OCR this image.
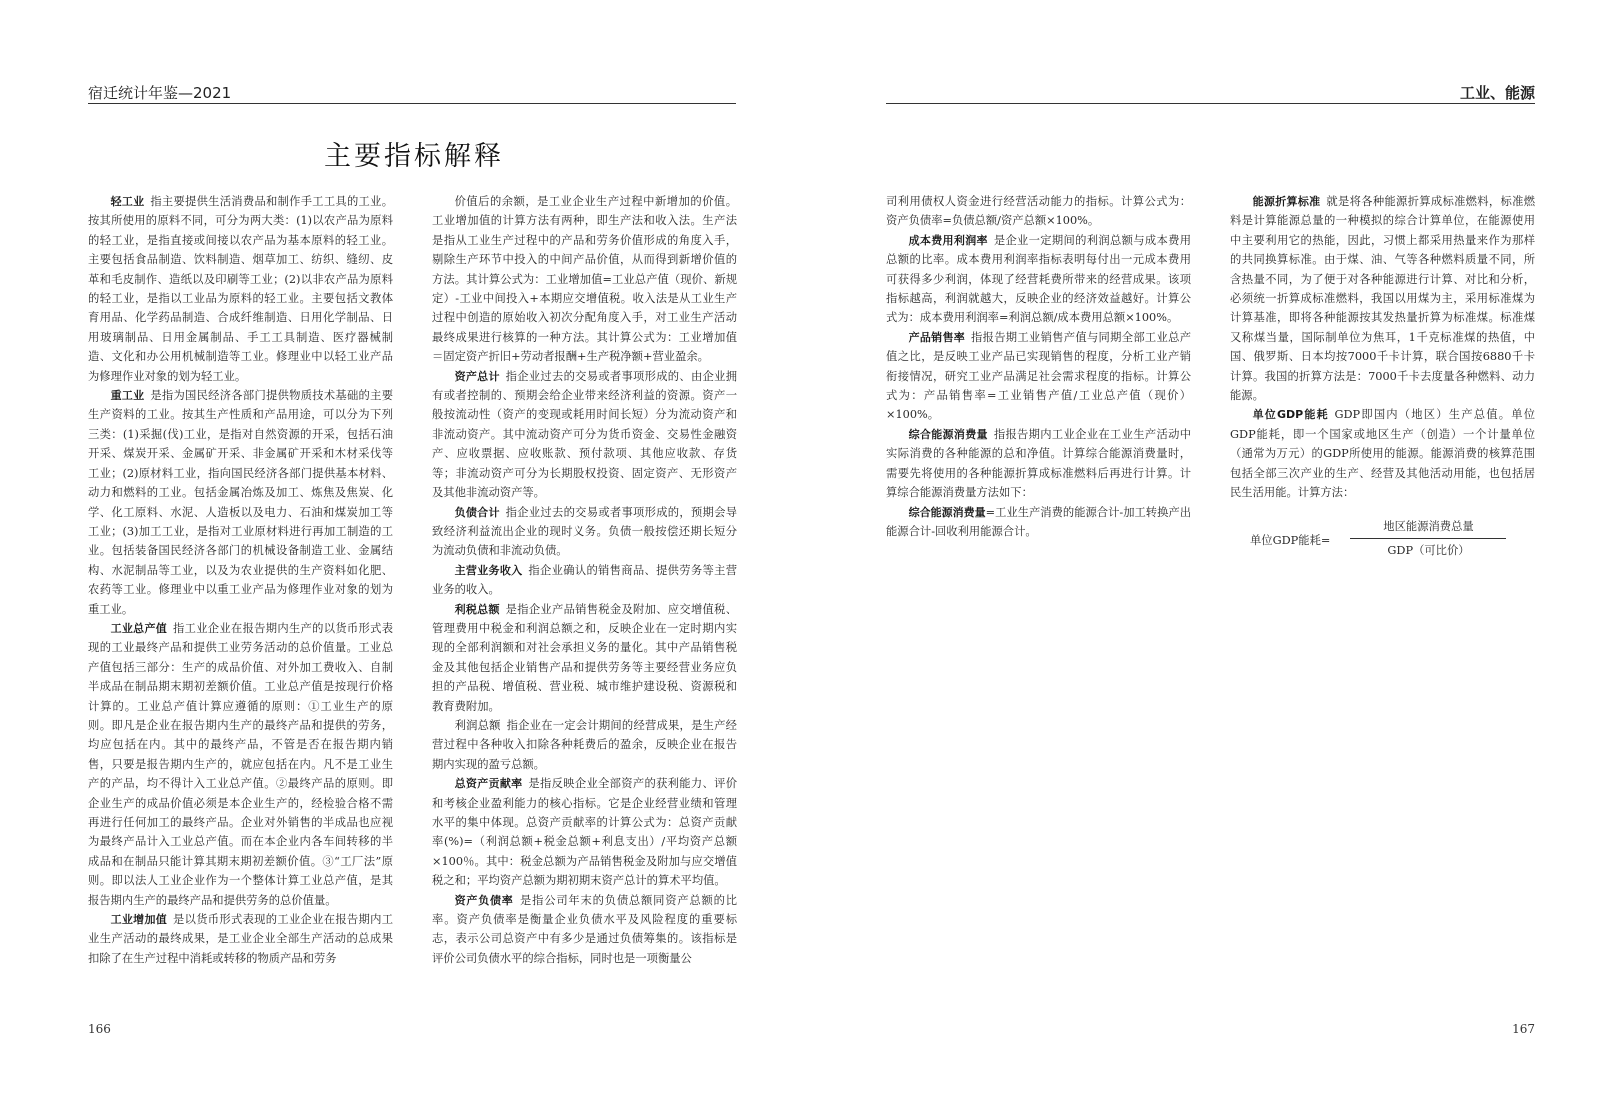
宿迁统计年鉴—2021
主要指标解释

轻工业  指主要提供生活消费品和制作手工工具的工业。按其所使用的原料不同，可分为两大类：(1)以农产品为原料的轻工业，是指直接或间接以农产品为基本原料的轻工业。主要包括食品制造、饮料制造、烟草加工、纺织、缝纫、皮革和毛皮制作、造纸以及印刷等工业；(2)以非农产品为原料的轻工业，是指以工业品为原料的轻工业。主要包括文教体育用品、化学药品制造、合成纤维制造、日用化学制品、日用玻璃制品、日用金属制品、手工工具制造、医疗器械制造、文化和办公用机械制造等工业。修理业中以轻工业产品为修理作业对象的划为轻工业。

重工业  是指为国民经济各部门提供物质技术基础的主要生产资料的工业。按其生产性质和产品用途，可以分为下列三类：(1)采掘(伐)工业，是指对自然资源的开采，包括石油开采、煤炭开采、金属矿开采、非金属矿开采和木材采伐等工业；(2)原材料工业，指向国民经济各部门提供基本材料、动力和燃料的工业。包括金属冶炼及加工、炼焦及焦炭、化学、化工原料、水泥、人造板以及电力、石油和煤炭加工等工业；(3)加工工业，是指对工业原材料进行再加工制造的工业。包括装备国民经济各部门的机械设备制造工业、金属结构、水泥制品等工业，以及为农业提供的生产资料如化肥、农药等工业。修理业中以重工业产品为修理作业对象的划为重工业。

工业总产值  指工业企业在报告期内生产的以货币形式表现的工业最终产品和提供工业劳务活动的总价值量。工业总产值包括三部分：生产的成品价值、对外加工费收入、自制半成品在制品期末期初差额价值。工业总产值是按现行价格计算的。工业总产值计算应遵循的原则：①工业生产的原则。即凡是企业在报告期内生产的最终产品和提供的劳务，均应包括在内。其中的最终产品，不管是否在报告期内销售，只要是报告期内生产的，就应包括在内。凡不是工业生产的产品，均不得计入工业总产值。②最终产品的原则。即企业生产的成品价值必须是本企业生产的，经检验合格不需再进行任何加工的最终产品。企业对外销售的半成品也应视为最终产品计入工业总产值。而在本企业内各车间转移的半成品和在制品只能计算其期末期初差额价值。③“工厂法”原则。即以法人工业企业作为一个整体计算工业总产值，是其报告期内生产的最终产品和提供劳务的总价值量。

工业增加值  是以货币形式表现的工业企业在报告期内工业生产活动的最终成果，是工业企业全部生产活动的总成果扣除了在生产过程中消耗或转移的物质产品和劳务

价值后的余额，是工业企业生产过程中新增加的价值。工业增加值的计算方法有两种，即生产法和收入法。生产法是指从工业生产过程中的产品和劳务价值形成的角度入手，剔除生产环节中投入的中间产品价值，从而得到新增价值的方法。其计算公式为：工业增加值=工业总产值（现价、新规定）-工业中间投入+本期应交增值税。收入法是从工业生产过程中创造的原始收入初次分配角度入手，对工业生产活动最终成果进行核算的一种方法。其计算公式为：工业增加值＝固定资产折旧+劳动者报酬+生产税净额+营业盈余。

资产总计  指企业过去的交易或者事项形成的、由企业拥有或者控制的、预期会给企业带来经济利益的资源。资产一般按流动性（资产的变现或耗用时间长短）分为流动资产和非流动资产。其中流动资产可分为货币资金、交易性金融资产、应收票据、应收账款、预付款项、其他应收款、存货等；非流动资产可分为长期股权投资、固定资产、无形资产及其他非流动资产等。

负债合计  指企业过去的交易或者事项形成的，预期会导致经济利益流出企业的现时义务。负债一般按偿还期长短分为流动负债和非流动负债。

主营业务收入  指企业确认的销售商品、提供劳务等主营业务的收入。

利税总额  是指企业产品销售税金及附加、应交增值税、管理费用中税金和利润总额之和，反映企业在一定时期内实现的全部利润额和对社会承担义务的量化。其中产品销售税金及其他包括企业销售产品和提供劳务等主要经营业务应负担的产品税、增值税、营业税、城市维护建设税、资源税和教育费附加。

利润总额  指企业在一定会计期间的经营成果，是生产经营过程中各种收入扣除各种耗费后的盈余，反映企业在报告期内实现的盈亏总额。

总资产贡献率  是指反映企业全部资产的获利能力、评价和考核企业盈利能力的核心指标。它是企业经营业绩和管理水平的集中体现。总资产贡献率的计算公式为：总资产贡献率(%)=（利润总额+税金总额+利息支出）/平均资产总额×100％。其中：税金总额为产品销售税金及附加与应交增值税之和；平均资产总额为期初期末资产总计的算术平均值。

资产负债率  是指公司年末的负债总额同资产总额的比率。资产负债率是衡量企业负债水平及风险程度的重要标志，表示公司总资产中有多少是通过负债筹集的。该指标是评价公司负债水平的综合指标，同时也是一项衡量公

166
工业、能源

司利用债权人资金进行经营活动能力的指标。计算公式为：资产负债率=负债总额/资产总额×100%。

成本费用利润率  是企业一定期间的利润总额与成本费用总额的比率。成本费用利润率指标表明每付出一元成本费用可获得多少利润，体现了经营耗费所带来的经营成果。该项指标越高，利润就越大，反映企业的经济效益越好。计算公式为：成本费用利润率=利润总额/成本费用总额×100%。

产品销售率  指报告期工业销售产值与同期全部工业总产值之比，是反映工业产品已实现销售的程度，分析工业产销衔接情况，研究工业产品满足社会需求程度的指标。计算公式为：产品销售率=工业销售产值/工业总产值（现价）×100%。

综合能源消费量  指报告期内工业企业在工业生产活动中实际消费的各种能源的总和净值。计算综合能源消费量时，需要先将使用的各种能源折算成标准燃料后再进行计算。计算综合能源消费量方法如下：

综合能源消费量=工业生产消费的能源合计-加工转换产出能源合计-回收利用能源合计。

能源折算标准  就是将各种能源折算成标准燃料，标准燃料是计算能源总量的一种模拟的综合计算单位，在能源使用中主要利用它的热能，因此，习惯上都采用热量来作为那样的共同换算标准。由于煤、油、气等各种燃料质量不同，所含热量不同，为了便于对各种能源进行计算、对比和分析，必须统一折算成标准燃料，我国以用煤为主，采用标准煤为计算基准，即将各种能源按其发热量折算为标准煤。标准煤又称煤当量，国际制单位为焦耳，1千克标准煤的热值，中国、俄罗斯、日本均按7000千卡计算，联合国按6880千卡计算。我国的折算方法是：7000千卡去度量各种燃料、动力能源。

单位GDP能耗  GDP即国内（地区）生产总值。单位GDP能耗，即一个国家或地区生产（创造）一个计量单位（通常为万元）的GDP所使用的能源。能源消费的核算范围包括全部三次产业的生产、经营及其他活动用能，也包括居民生活用能。计算方法：

单位GDP能耗=
地区能源消费总量
GDP（可比价）
167
